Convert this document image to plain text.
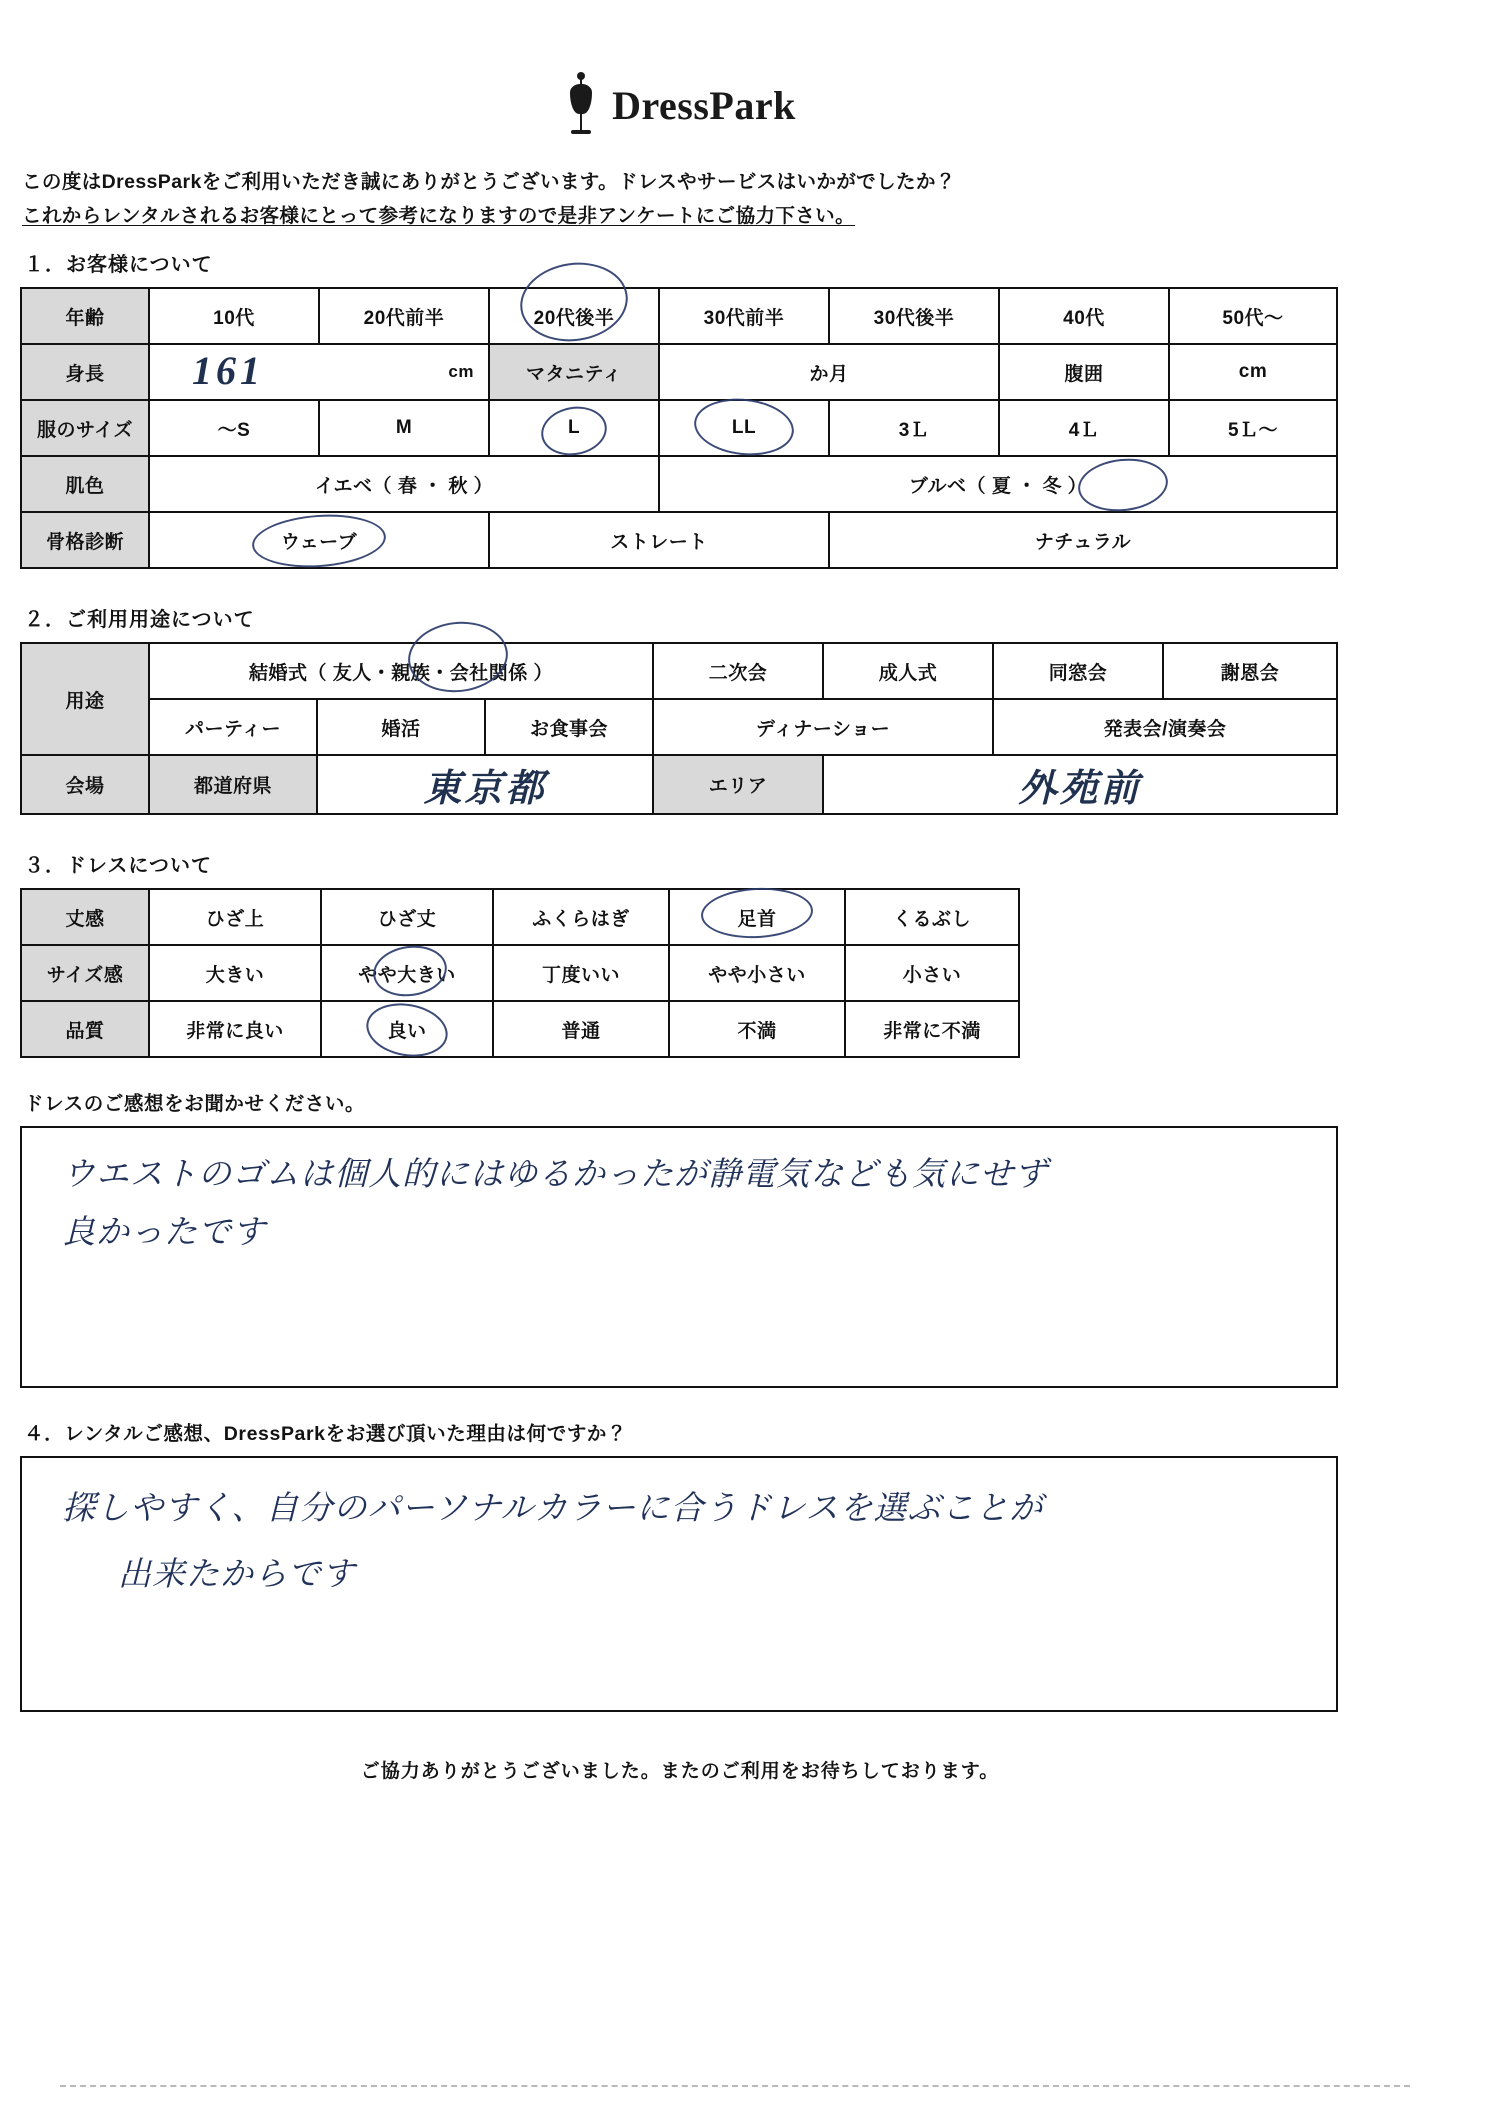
DressPark
この度はDressParkをご利用いただき誠にありがとうございます。ドレスやサービスはいかがでしたか？
これからレンタルされるお客様にとって参考になりますので是非アンケートにご協力下さい。
１．お客様について
年齢	10代	20代前半	20代後半	30代前半	30代後半	40代	50代〜
身長	161 cm		マタニティ	か月		腹囲	cm
服のサイズ	〜S	M	L	LL	3Ｌ	4Ｌ	5Ｌ〜
肌色	イエベ（ 春 ・ 秋 ）			ブルベ（ 夏 ・ 冬 ）			

骨格診断	ウェーブ		ストレート		ナチュラル		
２．ご利用用途について
用途	結婚式（ 友人・親族・会社関係 ）			二次会	成人式	同窓会	謝恩会
	パーティー	婚活	お食事会	ディナーショー		発表会/演奏会	
会場	都道府県	東京都		エリア	外苑前		
３．ドレスについて
丈感	ひざ上	ひざ丈	ふくらはぎ	足首	くるぶし
サイズ感	大きい	やや大きい	丁度いい	やや小さい	小さい
品質	非常に良い	良い	普通	不満	非常に不満
ドレスのご感想をお聞かせください。
ウエストのゴムは個人的にはゆるかったが静電気なども気にせず
良かったです
４．レンタルご感想、DressParkをお選び頂いた理由は何ですか？
探しやすく、自分のパーソナルカラーに合うドレスを選ぶことが
出来たからです
ご協力ありがとうございました。またのご利用をお待ちしております。
